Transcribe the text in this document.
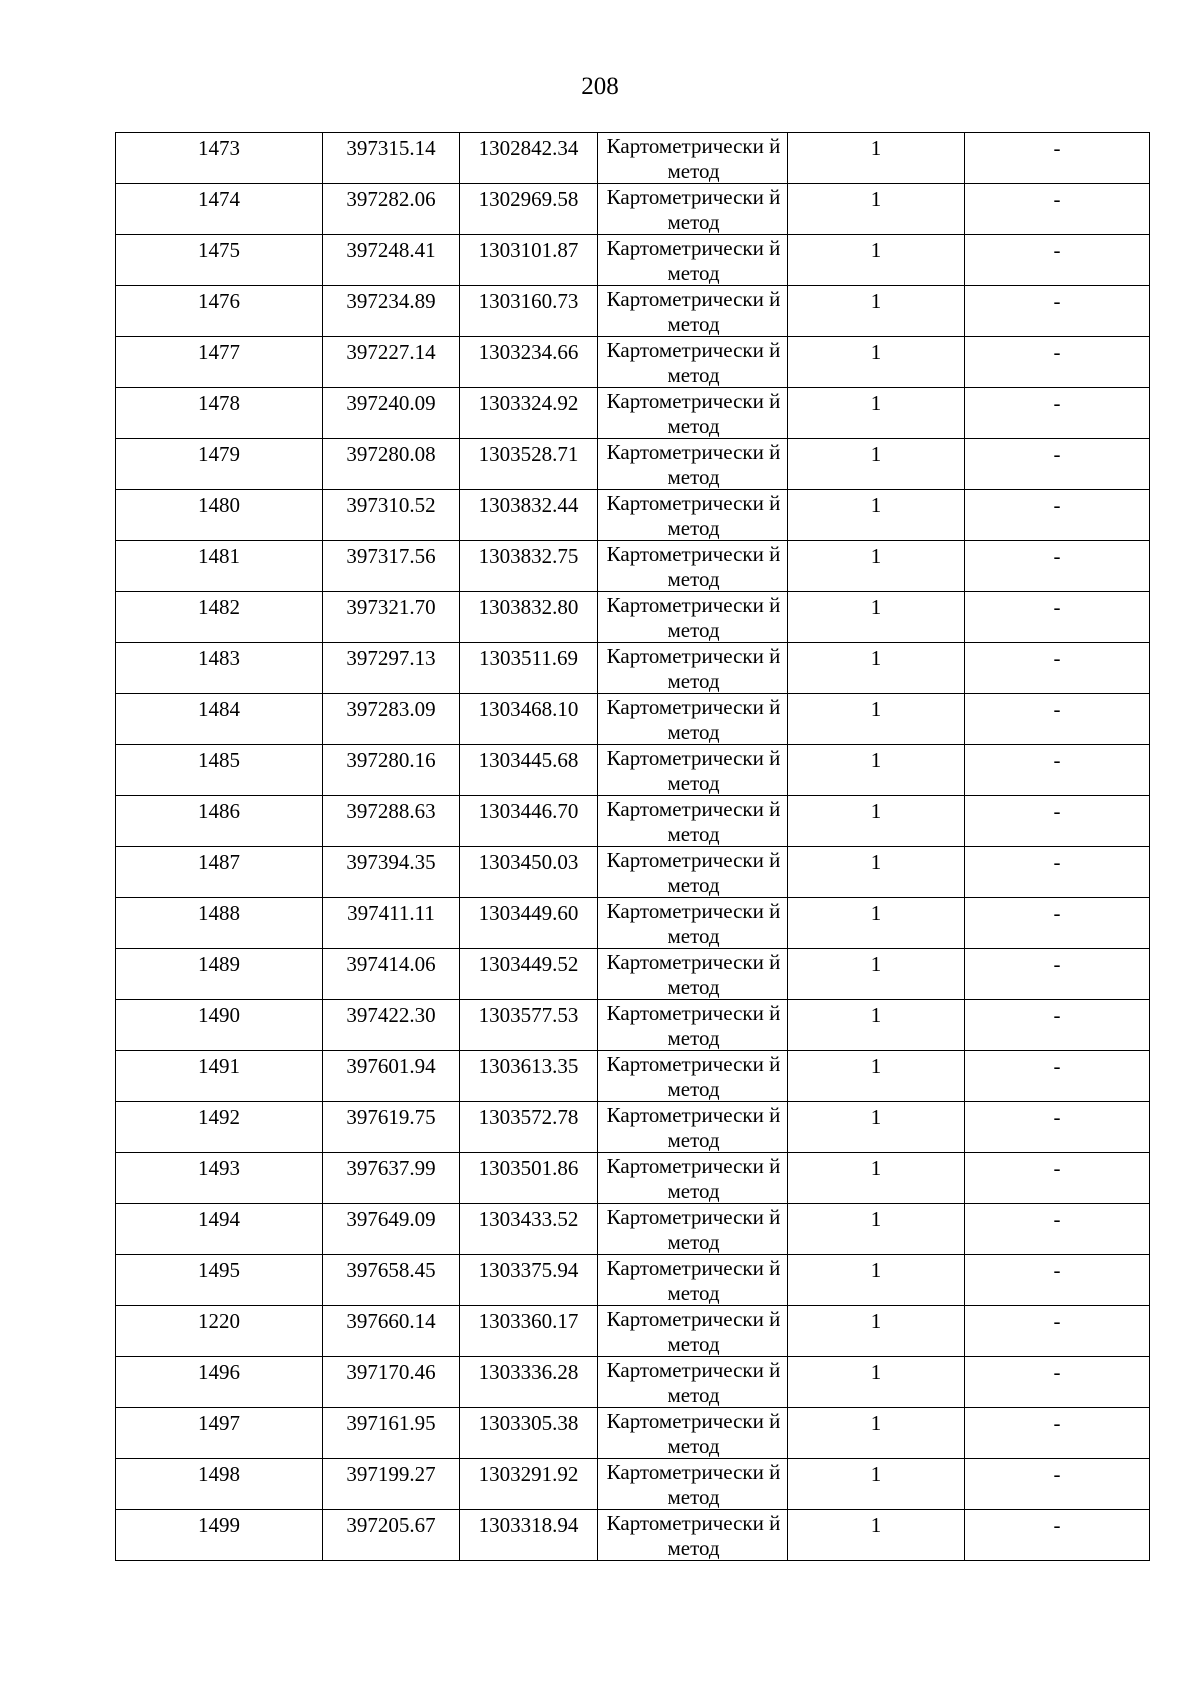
208
1473	397315.14	1302842.34	Картометрически й метод	1	-

1474	397282.06	1302969.58	Картометрически й метод	1	-

1475	397248.41	1303101.87	Картометрически й метод	1	-

1476	397234.89	1303160.73	Картометрически й метод	1	-

1477	397227.14	1303234.66	Картометрически й метод	1	-

1478	397240.09	1303324.92	Картометрически й метод	1	-

1479	397280.08	1303528.71	Картометрически й метод	1	-

1480	397310.52	1303832.44	Картометрически й метод	1	-

1481	397317.56	1303832.75	Картометрически й метод	1	-

1482	397321.70	1303832.80	Картометрически й метод	1	-

1483	397297.13	1303511.69	Картометрически й метод	1	-

1484	397283.09	1303468.10	Картометрически й метод	1	-

1485	397280.16	1303445.68	Картометрически й метод	1	-

1486	397288.63	1303446.70	Картометрически й метод	1	-

1487	397394.35	1303450.03	Картометрически й метод	1	-

1488	397411.11	1303449.60	Картометрически й метод	1	-

1489	397414.06	1303449.52	Картометрически й метод	1	-

1490	397422.30	1303577.53	Картометрически й метод	1	-

1491	397601.94	1303613.35	Картометрически й метод	1	-

1492	397619.75	1303572.78	Картометрически й метод	1	-

1493	397637.99	1303501.86	Картометрически й метод	1	-

1494	397649.09	1303433.52	Картометрически й метод	1	-

1495	397658.45	1303375.94	Картометрически й метод	1	-

1220	397660.14	1303360.17	Картометрически й метод	1	-

1496	397170.46	1303336.28	Картометрически й метод	1	-

1497	397161.95	1303305.38	Картометрически й метод	1	-

1498	397199.27	1303291.92	Картометрически й метод	1	-

1499	397205.67	1303318.94	Картометрически й метод	1	-
